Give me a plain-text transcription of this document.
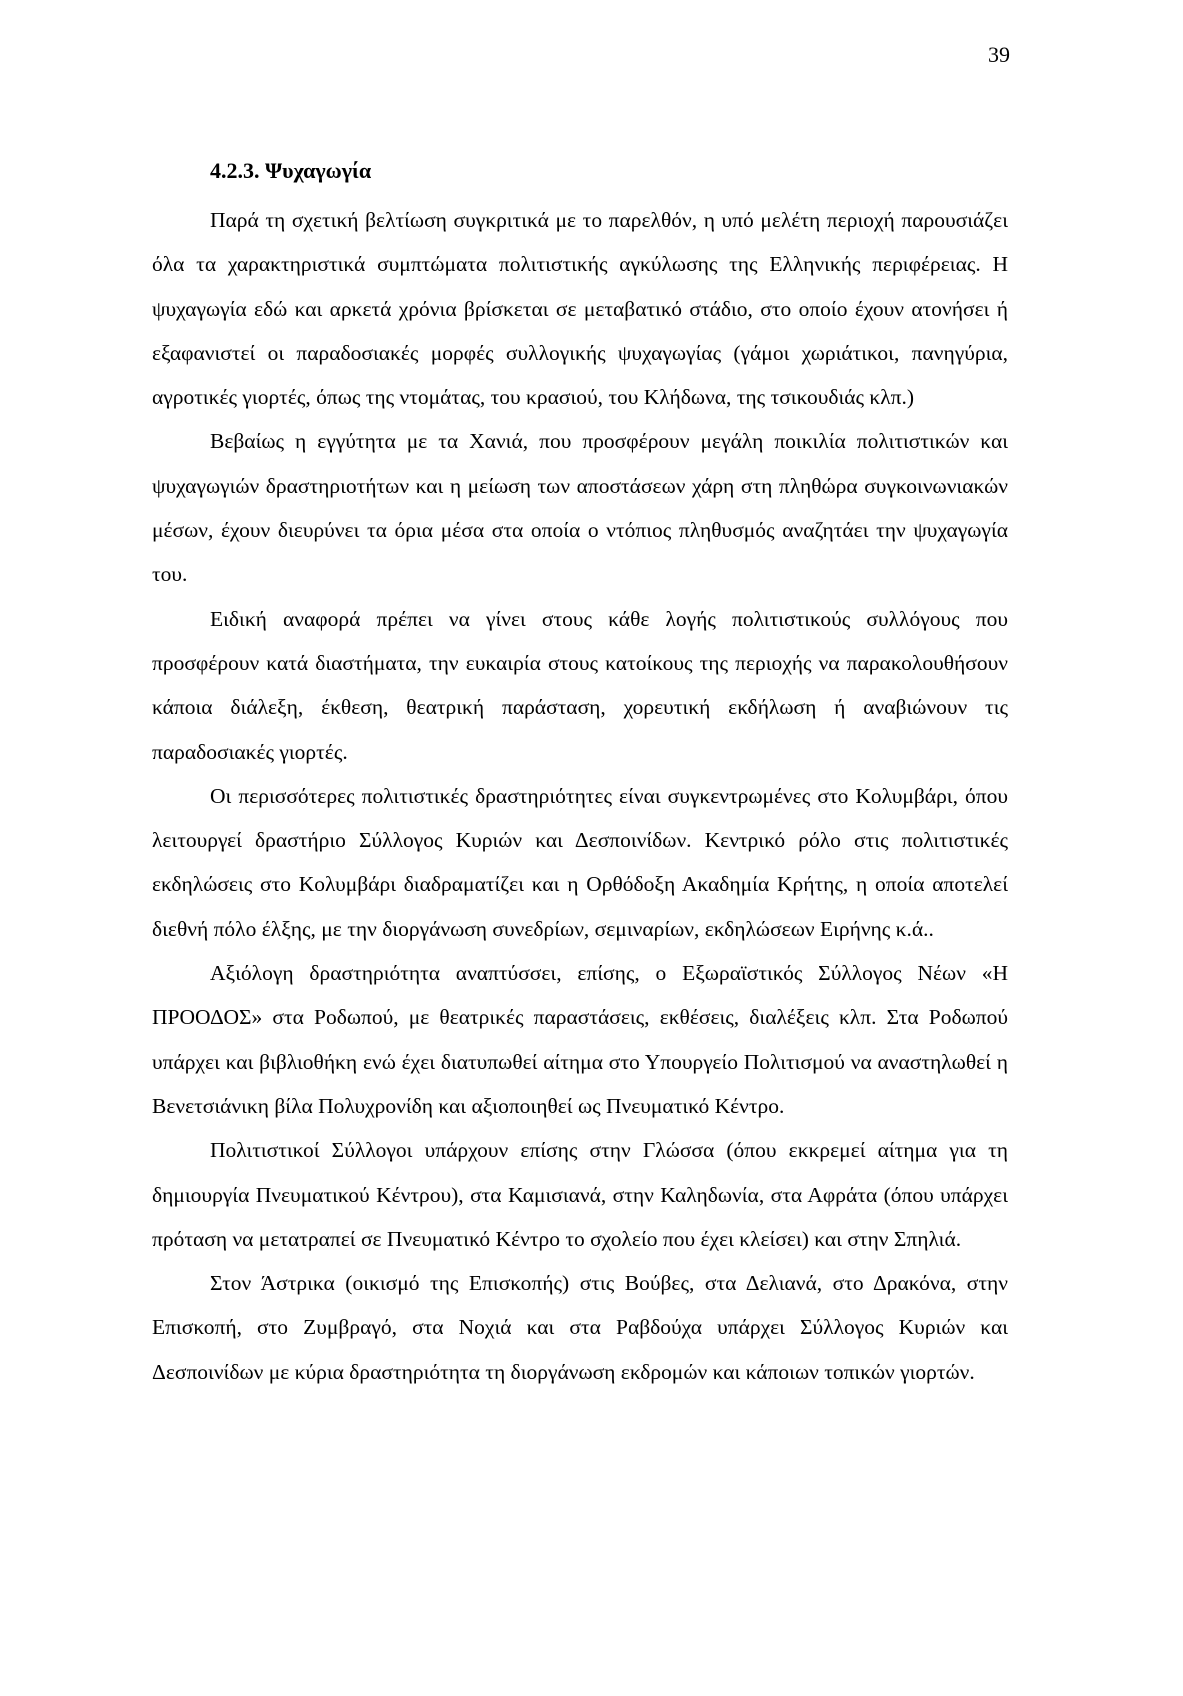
39
4.2.3. Ψυχαγωγία

Παρά τη σχετική βελτίωση συγκριτικά με το παρελθόν, η υπό μελέτη περιοχή παρουσιάζει όλα τα χαρακτηριστικά συμπτώματα πολιτιστικής αγκύλωσης της Ελληνικής περιφέρειας. Η ψυχαγωγία εδώ και αρκετά χρόνια βρίσκεται σε μεταβατικό στάδιο, στο οποίο έχουν ατονήσει ή εξαφανιστεί οι παραδοσιακές μορφές συλλογικής ψυχαγωγίας (γάμοι χωριάτικοι, πανηγύρια, αγροτικές γιορτές, όπως της ντομάτας, του κρασιού, του Κλήδωνα, της τσικουδιάς κλπ.)

Βεβαίως η εγγύτητα με τα Χανιά, που προσφέρουν μεγάλη ποικιλία πολιτιστικών και ψυχαγωγιών δραστηριοτήτων και η μείωση των αποστάσεων χάρη στη πληθώρα συγκοινωνιακών μέσων, έχουν διευρύνει τα όρια μέσα στα οποία ο ντόπιος πληθυσμός αναζητάει την ψυχαγωγία του.

Ειδική αναφορά πρέπει να γίνει στους κάθε λογής πολιτιστικούς συλλόγους που προσφέρουν κατά διαστήματα, την ευκαιρία στους κατοίκους της περιοχής να παρακολουθήσουν κάποια διάλεξη, έκθεση, θεατρική παράσταση, χορευτική εκδήλωση ή αναβιώνουν τις παραδοσιακές γιορτές.

Οι περισσότερες πολιτιστικές δραστηριότητες είναι συγκεντρωμένες στο Κολυμβάρι, όπου λειτουργεί δραστήριο Σύλλογος Κυριών και Δεσποινίδων. Κεντρικό ρόλο στις πολιτιστικές εκδηλώσεις στο Κολυμβάρι διαδραματίζει και η Ορθόδοξη Ακαδημία Κρήτης, η οποία αποτελεί διεθνή πόλο έλξης, με την διοργάνωση συνεδρίων, σεμιναρίων, εκδηλώσεων Ειρήνης κ.ά..

Αξιόλογη δραστηριότητα αναπτύσσει, επίσης, ο Εξωραϊστικός Σύλλογος Νέων «Η ΠΡΟΟΔΟΣ» στα Ροδωπού, με θεατρικές παραστάσεις, εκθέσεις, διαλέξεις κλπ. Στα Ροδωπού υπάρχει και βιβλιοθήκη ενώ έχει διατυπωθεί αίτημα στο Υπουργείο Πολιτισμού να αναστηλωθεί η Βενετσιάνικη βίλα Πολυχρονίδη και αξιοποιηθεί ως Πνευματικό Κέντρο.

Πολιτιστικοί Σύλλογοι υπάρχουν επίσης στην Γλώσσα (όπου εκκρεμεί αίτημα για τη δημιουργία Πνευματικού Κέντρου), στα Καμισιανά, στην Καληδωνία, στα Αφράτα (όπου υπάρχει πρόταση να μετατραπεί σε Πνευματικό Κέντρο το σχολείο που έχει κλείσει) και στην Σπηλιά.

Στον Άστρικα (οικισμό της Επισκοπής) στις Βούβες, στα Δελιανά, στο Δρακόνα, στην Επισκοπή, στο Ζυμβραγό, στα Νοχιά και στα Ραβδούχα υπάρχει Σύλλογος Κυριών και Δεσποινίδων με κύρια δραστηριότητα τη διοργάνωση εκδρομών και κάποιων τοπικών γιορτών.
